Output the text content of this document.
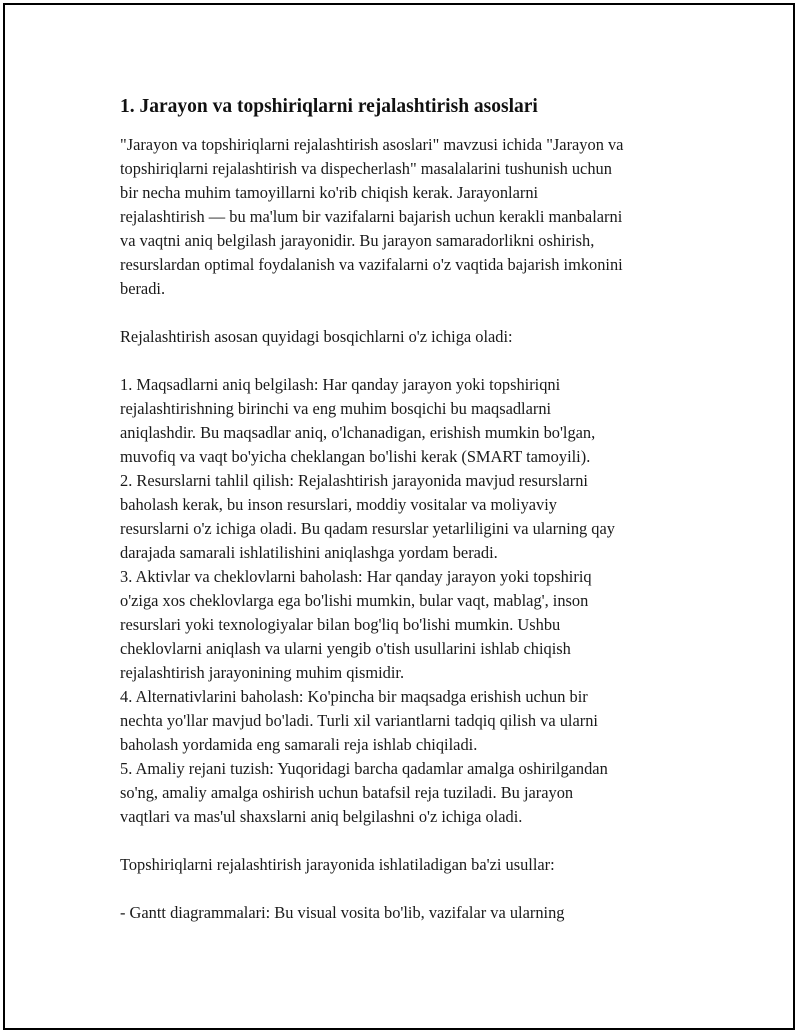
1. Jarayon va topshiriqlarni rejalashtirish asoslari

"Jarayon va topshiriqlarni rejalashtirish asoslari" mavzusi ichida "Jarayon va
topshiriqlarni rejalashtirish va dispecherlash" masalalarini tushunish uchun
bir necha muhim tamoyillarni ko'rib chiqish kerak. Jarayonlarni
rejalashtirish — bu ma'lum bir vazifalarni bajarish uchun kerakli manbalarni
va vaqtni aniq belgilash jarayonidir. Bu jarayon samaradorlikni oshirish,
resurslardan optimal foydalanish va vazifalarni o'z vaqtida bajarish imkonini
beradi.

Rejalashtirish asosan quyidagi bosqichlarni o'z ichiga oladi:

1. Maqsadlarni aniq belgilash: Har qanday jarayon yoki topshiriqni
rejalashtirishning birinchi va eng muhim bosqichi bu maqsadlarni
aniqlashdir. Bu maqsadlar aniq, o'lchanadigan, erishish mumkin bo'lgan,
muvofiq va vaqt bo'yicha cheklangan bo'lishi kerak (SMART tamoyili).

2. Resurslarni tahlil qilish: Rejalashtirish jarayonida mavjud resurslarni
baholash kerak, bu inson resurslari, moddiy vositalar va moliyaviy
resurslarni o'z ichiga oladi. Bu qadam resurslar yetarliligini va ularning qay
darajada samarali ishlatilishini aniqlashga yordam beradi.

3. Aktivlar va cheklovlarni baholash: Har qanday jarayon yoki topshiriq
o'ziga xos cheklovlarga ega bo'lishi mumkin, bular vaqt, mablag', inson
resurslari yoki texnologiyalar bilan bog'liq bo'lishi mumkin. Ushbu
cheklovlarni aniqlash va ularni yengib o'tish usullarini ishlab chiqish
rejalashtirish jarayonining muhim qismidir.

4. Alternativlarini baholash: Ko'pincha bir maqsadga erishish uchun bir
nechta yo'llar mavjud bo'ladi. Turli xil variantlarni tadqiq qilish va ularni
baholash yordamida eng samarali reja ishlab chiqiladi.

5. Amaliy rejani tuzish: Yuqoridagi barcha qadamlar amalga oshirilgandan
so'ng, amaliy amalga oshirish uchun batafsil reja tuziladi. Bu jarayon
vaqtlari va mas'ul shaxslarni aniq belgilashni o'z ichiga oladi.

Topshiriqlarni rejalashtirish jarayonida ishlatiladigan ba'zi usullar:

- Gantt diagrammalari: Bu visual vosita bo'lib, vazifalar va ularning
